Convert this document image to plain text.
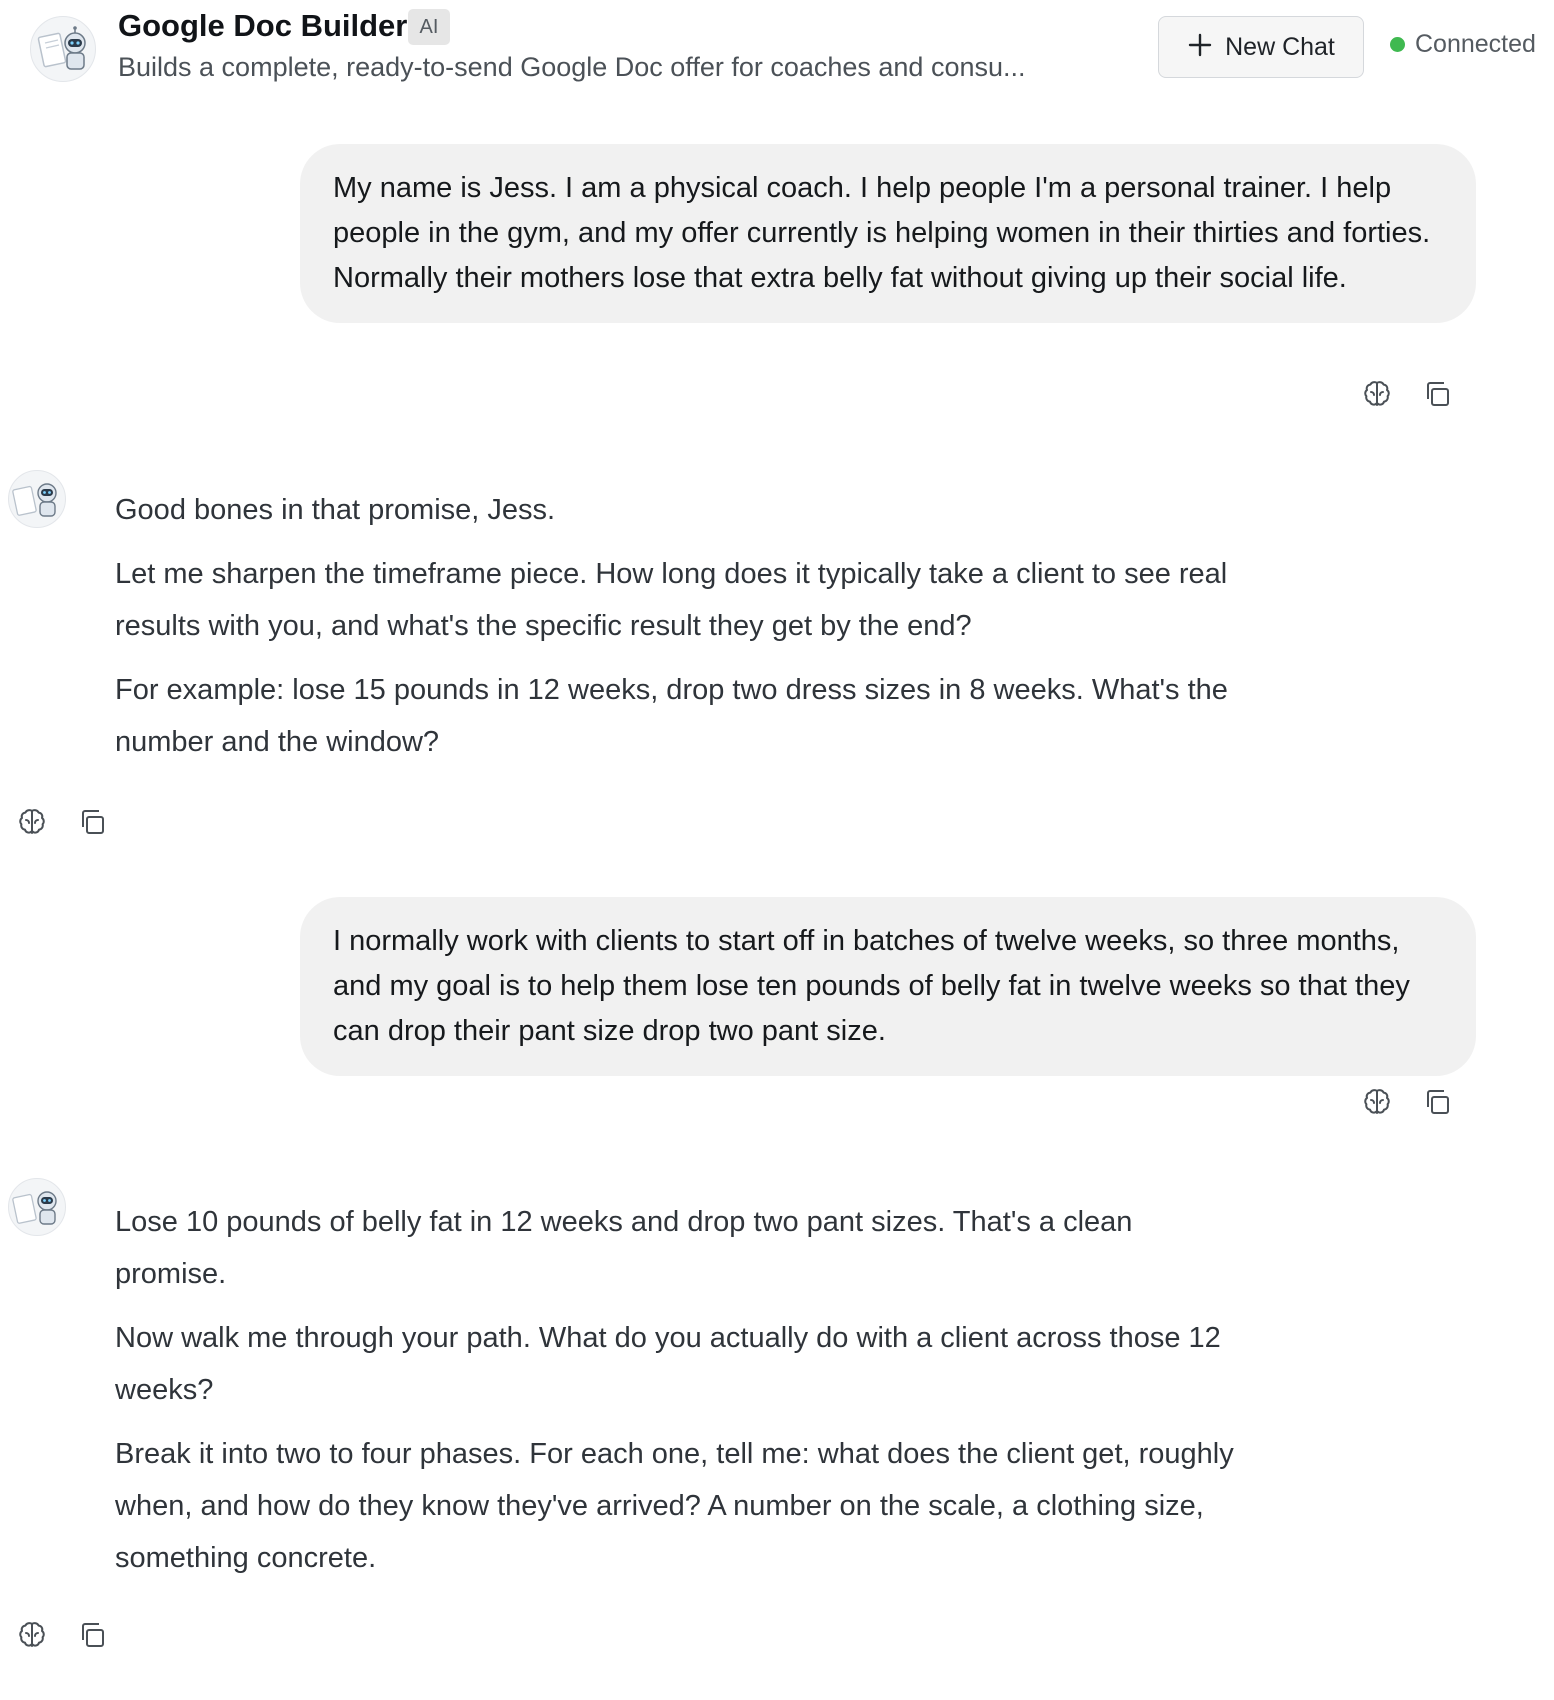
Google Doc Builder AI
Builds a complete, ready-to-send Google Doc offer for coaches and consu...
New Chat	Connected
My name is Jess. I am a physical coach. I help people I'm a personal trainer. I help people in the gym, and my offer currently is helping women in their thirties and forties. Normally their mothers lose that extra belly fat without giving up their social life.

Good bones in that promise, Jess.

Let me sharpen the timeframe piece. How long does it typically take a client to see real results with you, and what's the specific result they get by the end?

For example: lose 15 pounds in 12 weeks, drop two dress sizes in 8 weeks. What's the number and the window?

I normally work with clients to start off in batches of twelve weeks, so three months, and my goal is to help them lose ten pounds of belly fat in twelve weeks so that they can drop their pant size drop two pant size.

Lose 10 pounds of belly fat in 12 weeks and drop two pant sizes. That's a clean promise.

Now walk me through your path. What do you actually do with a client across those 12 weeks?

Break it into two to four phases. For each one, tell me: what does the client get, roughly when, and how do they know they've arrived? A number on the scale, a clothing size, something concrete.
